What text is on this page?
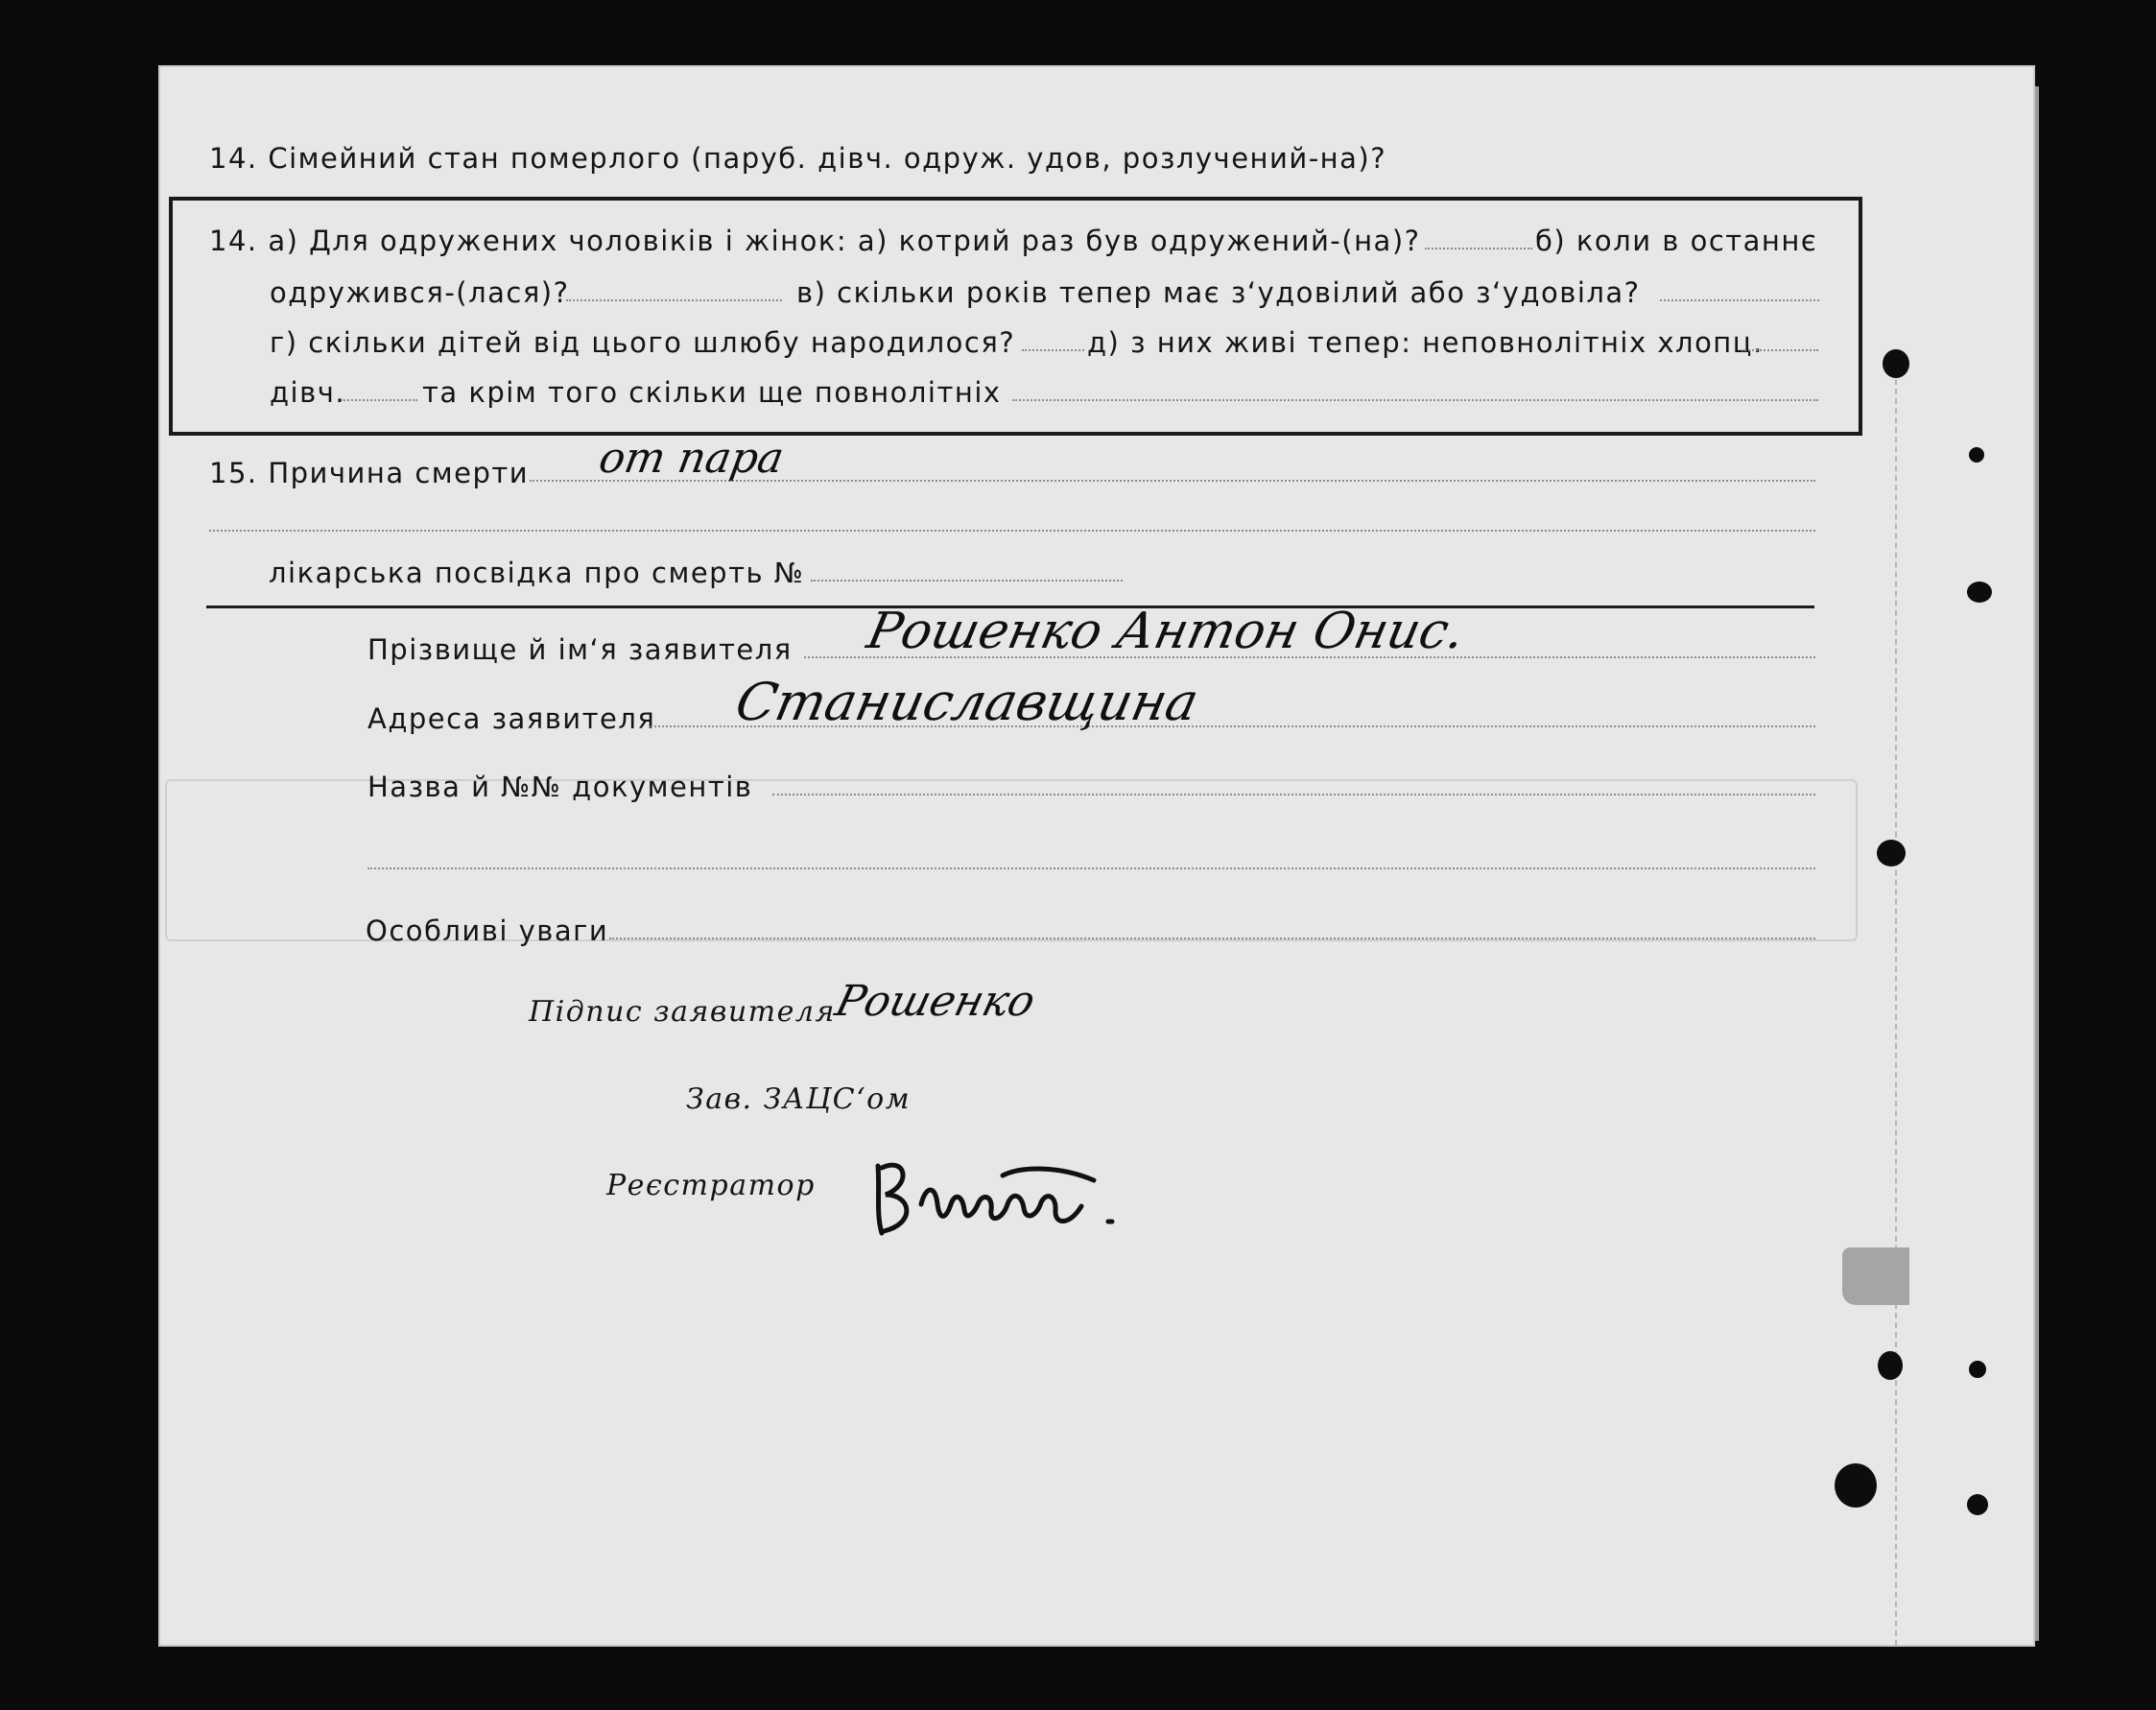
14. Сімейний стан померлого (паруб. дівч. одруж. удов, розлучений-на)?
14. а) Для одружених чоловіків і жінок: а) котрий раз був одружений-(на)?	б) коли в останнє
одружився-(лася)?	в) скільки років тепер має з‘удовілий або з‘удовіла?
г) скільки дітей від цього шлюбу народилося?	д) з них живі тепер: неповнолітніх хлопц.
дівч.	та крім того скільки ще повнолітніх
15. Причина смерти от пара
лікарська посвідка про смерть №
Прізвище й ім‘я заявителя Рошенко Антон Онис.
Адреса заявителя Станиславщина
Назва й №№ документів
Особливі уваги
Підпис заявителя
Рошенко
Зав. ЗАЦС‘ом
Реєстратор
